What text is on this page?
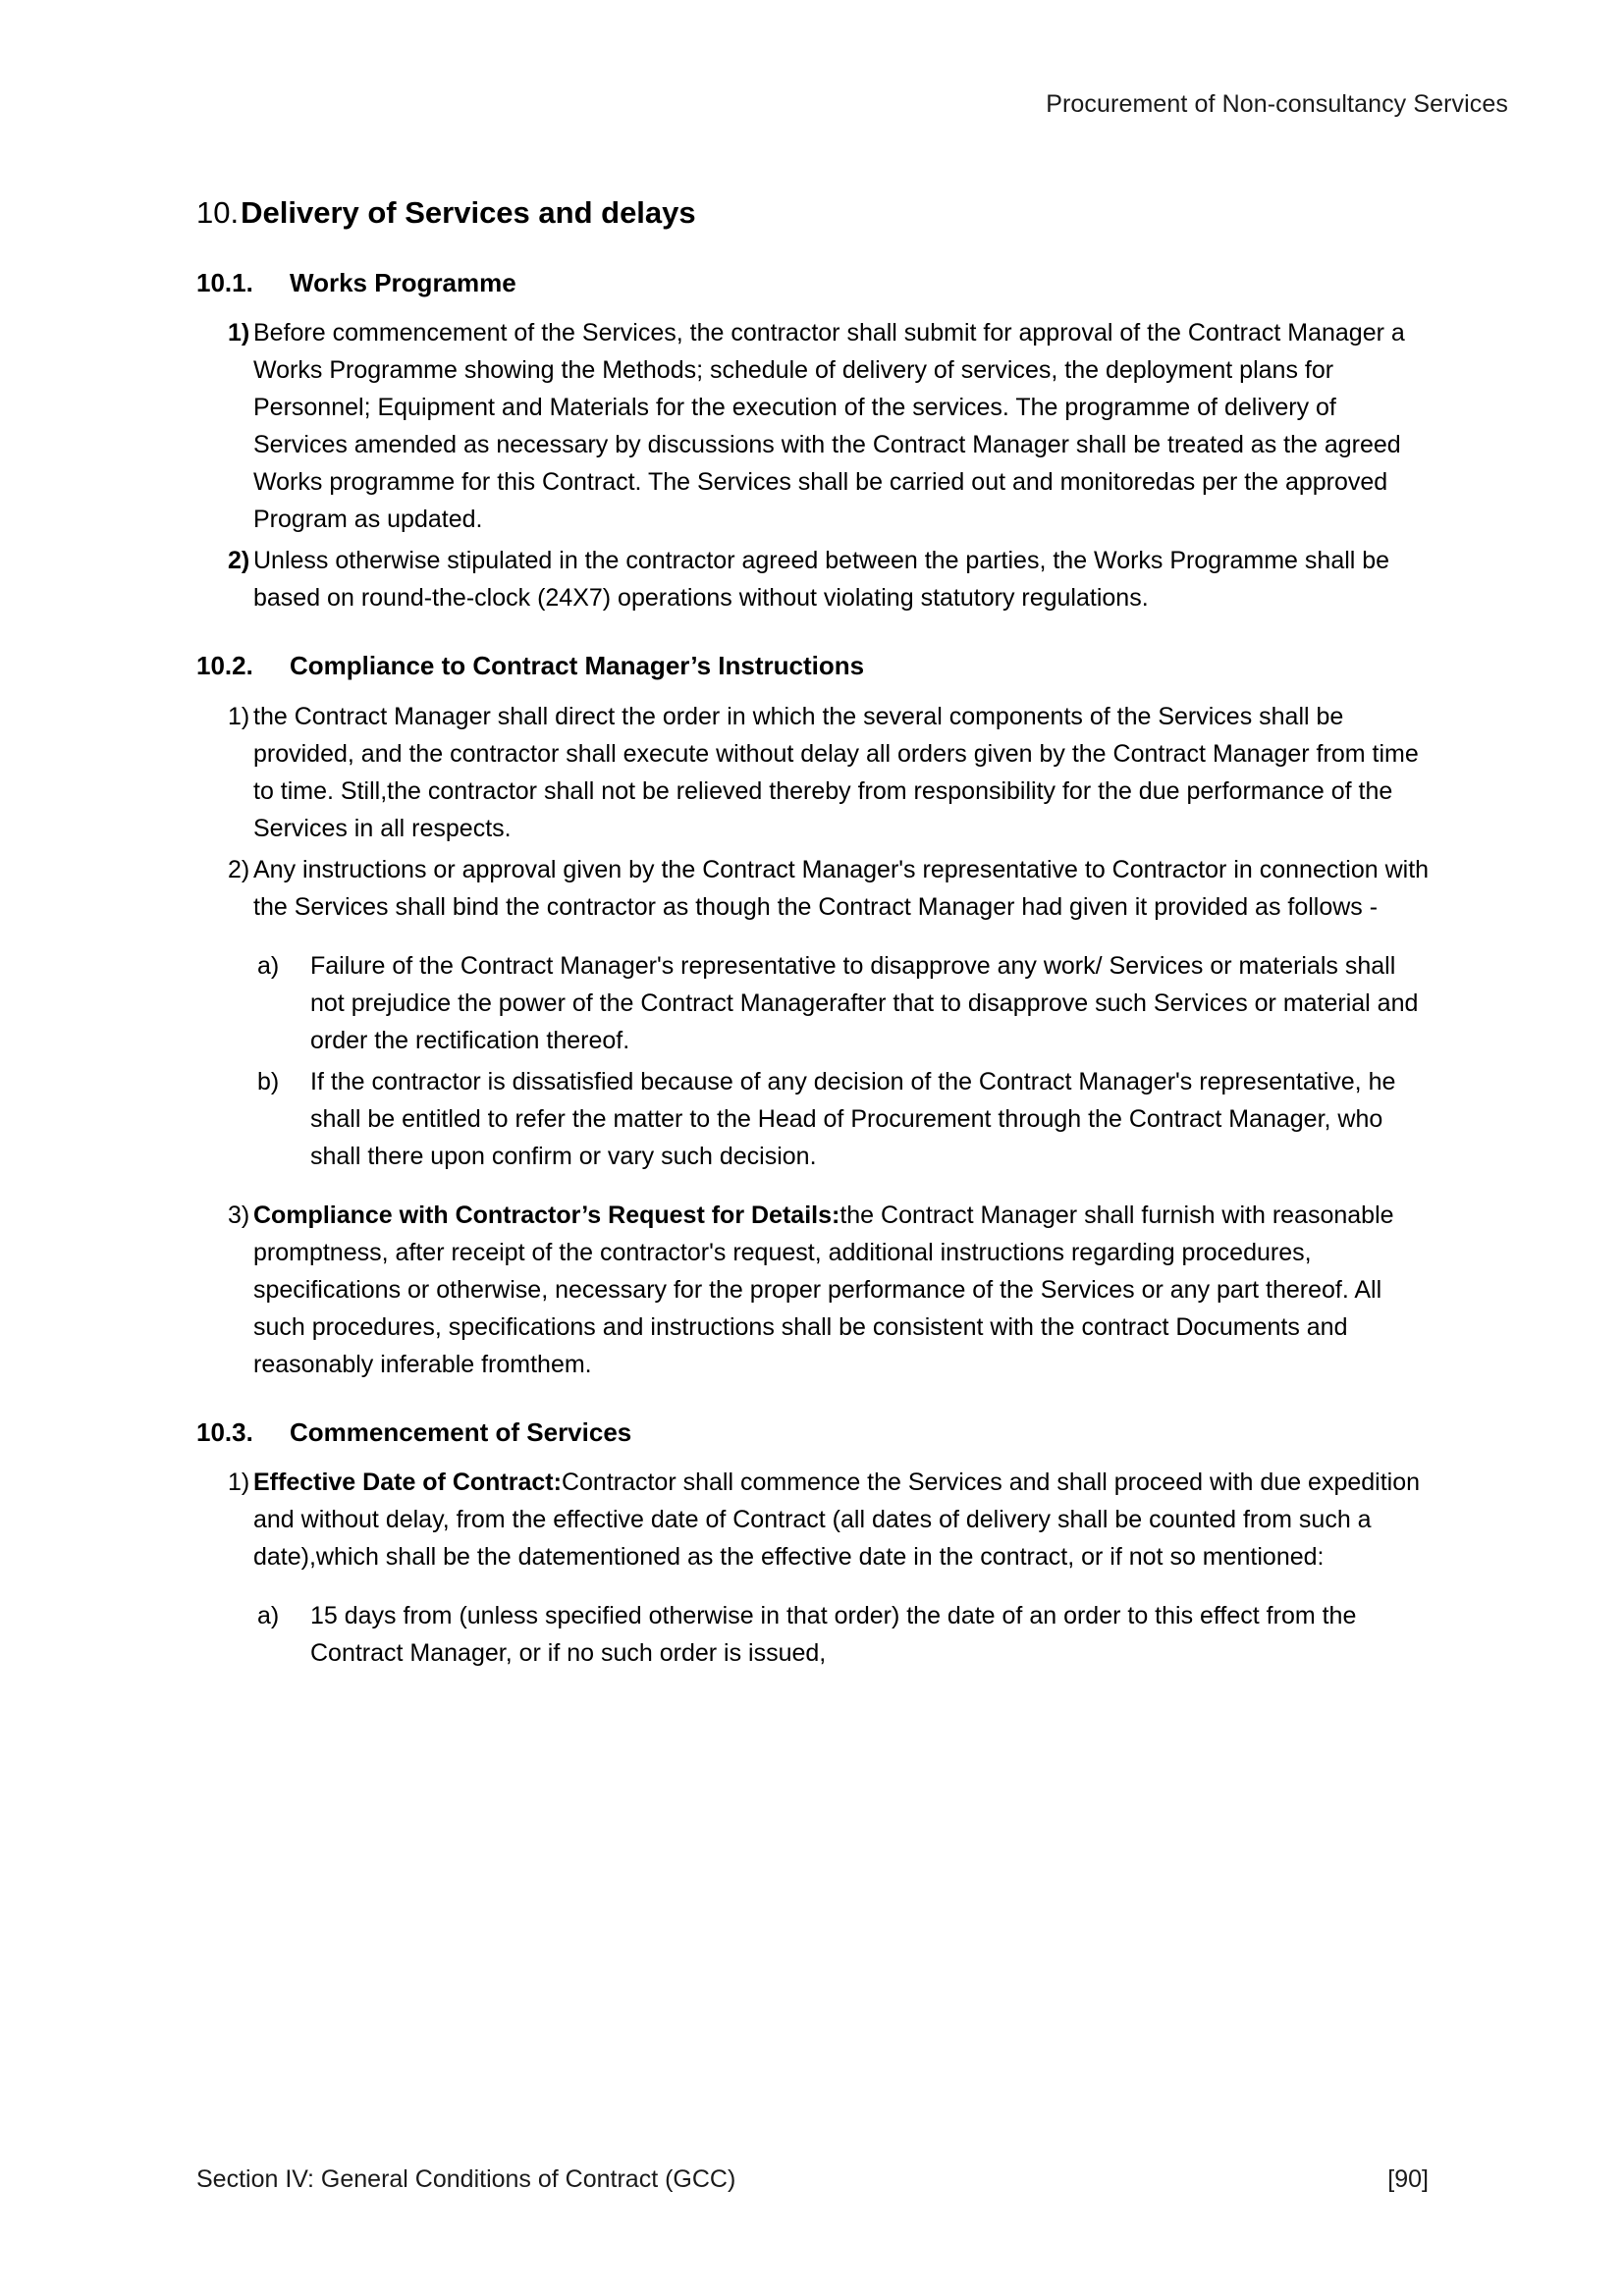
Procurement of Non-consultancy Services
10. Delivery of Services and delays
10.1.	Works Programme
1) Before commencement of the Services, the contractor shall submit for approval of the Contract Manager a Works Programme showing the Methods; schedule of delivery of services, the deployment plans for Personnel; Equipment and Materials for the execution of the services. The programme of delivery of Services amended as necessary by discussions with the Contract Manager shall be treated as the agreed Works programme for this Contract. The Services shall be carried out and monitoredas per the approved Program as updated.
2) Unless otherwise stipulated in the contractor agreed between the parties, the Works Programme shall be based on round-the-clock (24X7) operations without violating statutory regulations.
10.2.	Compliance to Contract Manager’s Instructions
1) the Contract Manager shall direct the order in which the several components of the Services shall be provided, and the contractor shall execute without delay all orders given by the Contract Manager from time to time. Still,the contractor shall not be relieved thereby from responsibility for the due performance of the Services in all respects.
2) Any instructions or approval given by the Contract Manager's representative to Contractor in connection with the Services shall bind the contractor as though the Contract Manager had given it provided as follows -
a)	Failure of the Contract Manager's representative to disapprove any work/ Services or materials shall not prejudice the power of the Contract Managerafter that to disapprove such Services or material and order the rectification thereof.
b)	If the contractor is dissatisfied because of any decision of the Contract Manager's representative, he shall be entitled to refer the matter to the Head of Procurement through the Contract Manager, who shall there upon confirm or vary such decision.
3) Compliance with Contractor’s Request for Details:the Contract Manager shall furnish with reasonable promptness, after receipt of the contractor's request, additional instructions regarding procedures, specifications or otherwise, necessary for the proper performance of the Services or any part thereof. All such procedures, specifications and instructions shall be consistent with the contract Documents and reasonably inferable fromthem.
10.3.	Commencement of Services
1) Effective Date of Contract:Contractor shall commence the Services and shall proceed with due expedition and without delay, from the effective date of Contract (all dates of delivery shall be counted from such a date),which shall be the datementioned as the effective date in the contract, or if not so mentioned:
a)	15 days from (unless specified otherwise in that order) the date of an order to this effect from the Contract Manager, or if no such order is issued,
Section IV: General Conditions of Contract (GCC)	[90]
